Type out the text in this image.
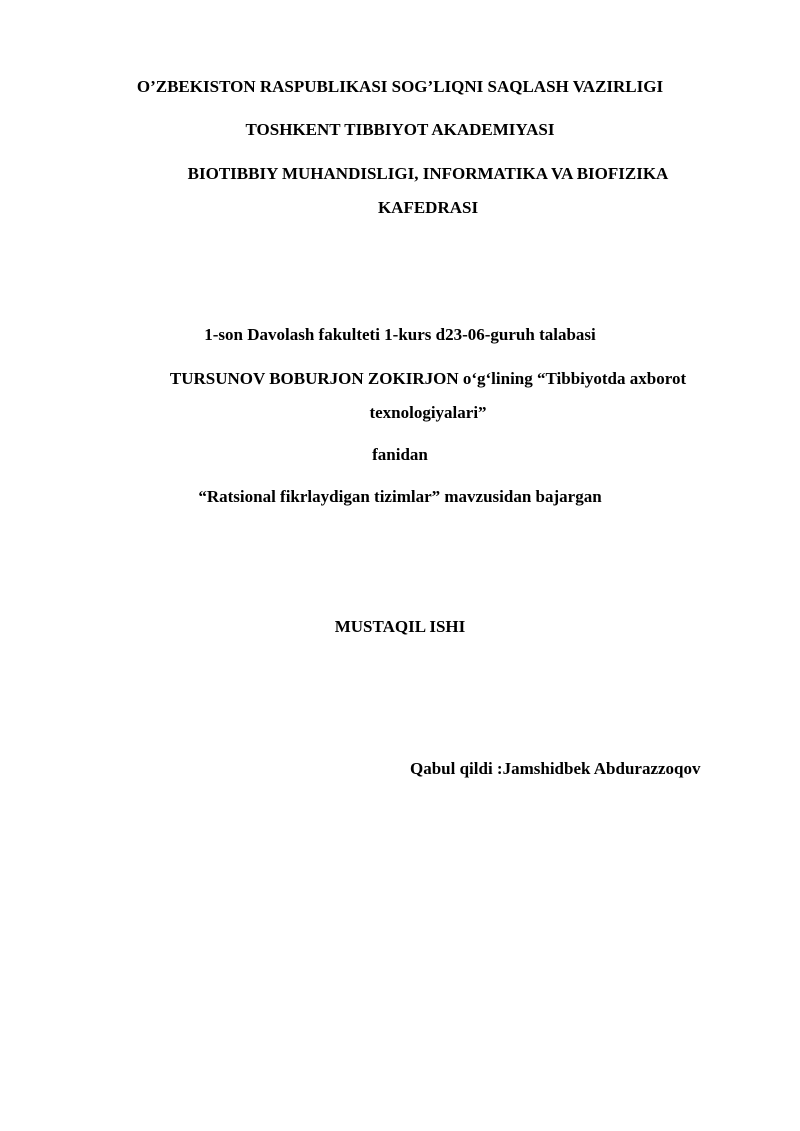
O’ZBEKISTON RASPUBLIKASI SOG’LIQNI SAQLASH VAZIRLIGI
TOSHKENT TIBBIYOT AKADEMIYASI
BIOTIBBIY MUHANDISLIGI, INFORMATIKA VA BIOFIZIKA KAFEDRASI
1-son Davolash fakulteti 1-kurs d23-06-guruh talabasi
TURSUNOV BOBURJON ZOKIRJON o‘g‘lining “Tibbiyotda axborot texnologiyalari”
fanidan
“Ratsional fikrlaydigan tizimlar” mavzusidan bajargan
MUSTAQIL ISHI
Qabul qildi :Jamshidbek Abdurazzoqov
